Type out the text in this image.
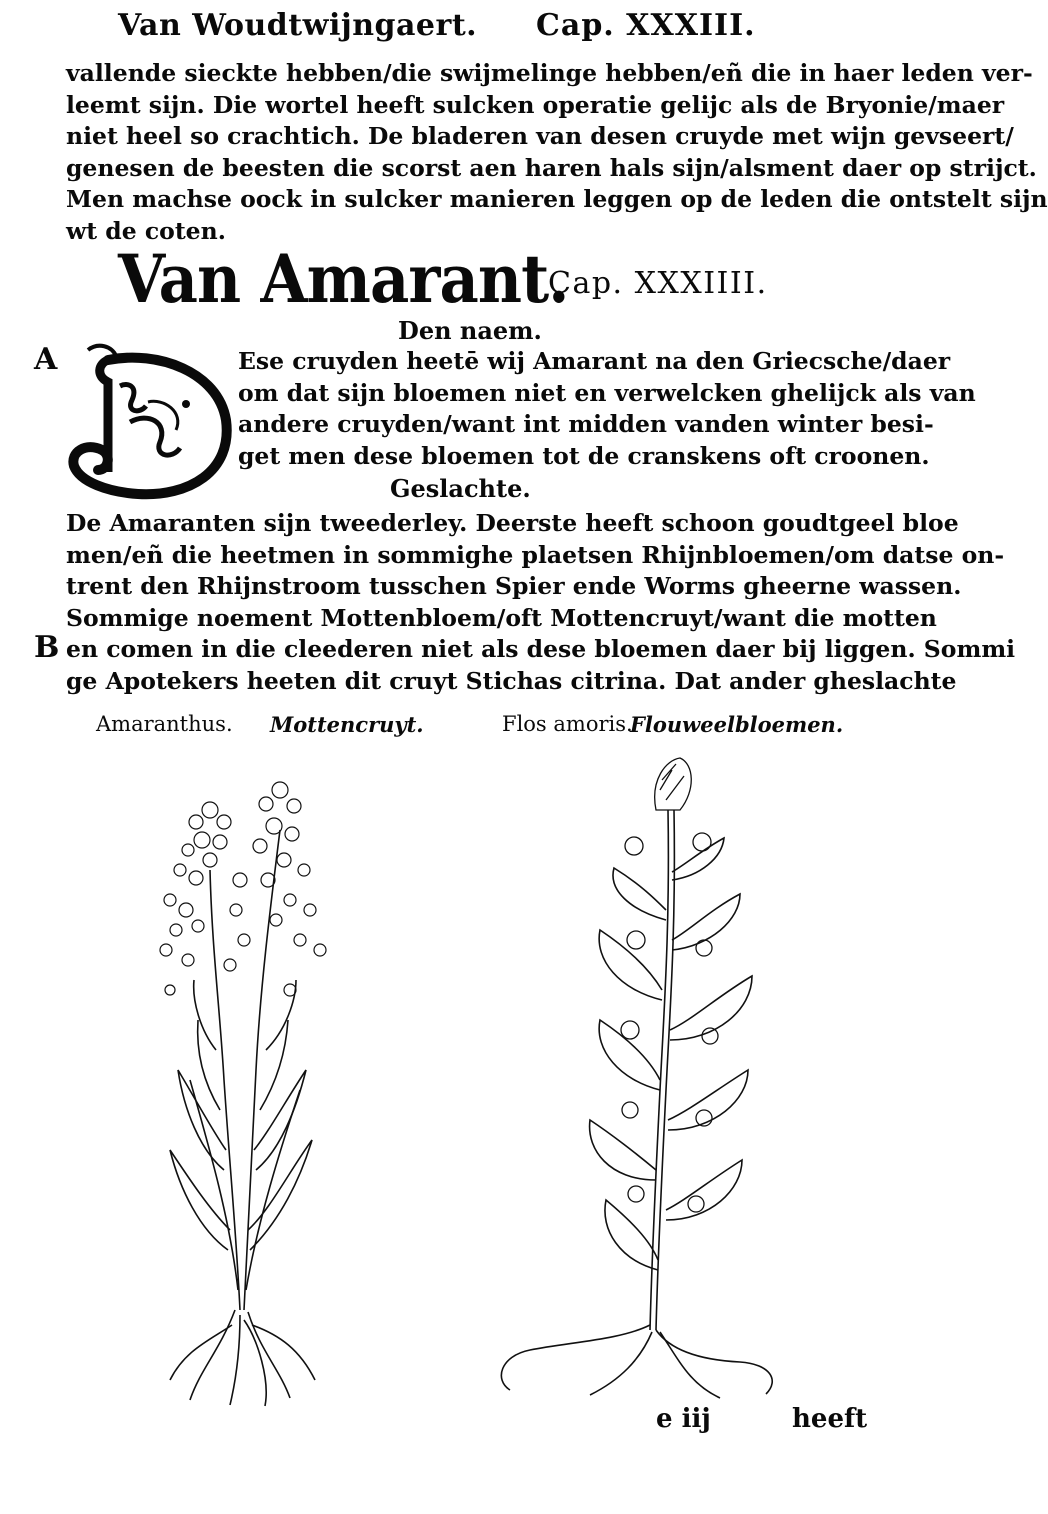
Van Woudtwijngaert. Cap. XXXIII.
vallende sieckte hebben/die swijmelinge hebben/eñ die in haer leden ver-
leemt sijn. Die wortel heeft sulcken operatie gelijc als de Bryonie/maer
niet heel so crachtich. De bladeren van desen cruyde met wijn gevseert/
genesen de beesten die scorst aen haren hals sijn/alsment daer op strijct.
Men machse oock in sulcker manieren leggen op de leden die ontstelt sijn
wt de coten.
Van Amarant.
Cap. XXXIIII.
Den naem.
A	Ese cruyden heetē wij Amarant na den Griecsche/daer
om dat sijn bloemen niet en verwelcken ghelijck als van
andere cruyden/want int midden vanden winter besi-
get men dese bloemen tot de cranskens oft croonen.
Geslachte.
De Amaranten sijn tweederley. Deerste heeft schoon goudtgeel bloe
men/eñ die heetmen in sommighe plaetsen Rhijnbloemen/om datse on-
trent den Rhijnstroom tusschen Spier ende Worms gheerne wassen.
Sommige noement Mottenbloem/oft Mottencruyt/want die motten
en comen in die cleederen niet als dese bloemen daer bij liggen. Sommi
ge Apotekers heeten dit cruyt Stichas citrina. Dat ander gheslachte
B
Amaranthus. Mottencruyt.	Flos amoris.
Flouweelbloemen.
e iij	heeft
